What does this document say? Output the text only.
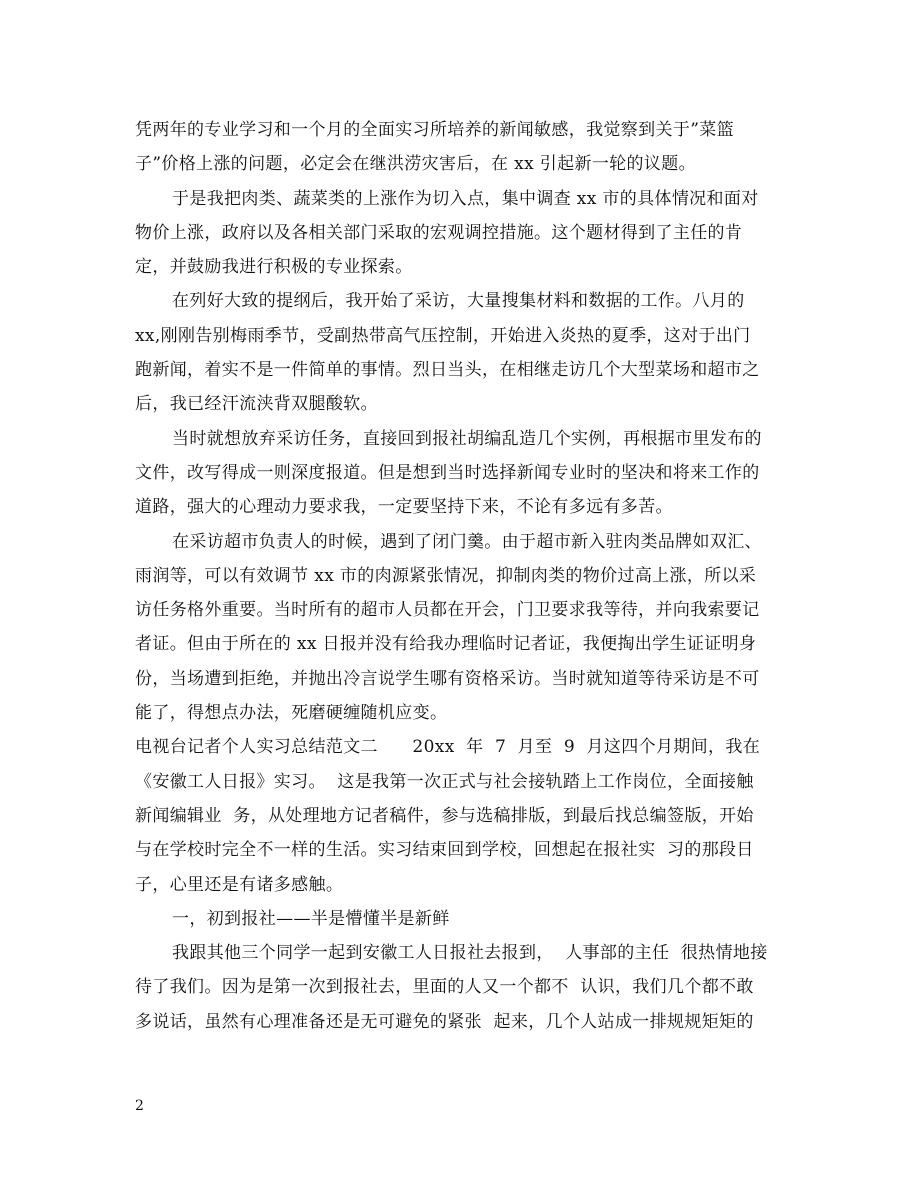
凭两年的专业学习和一个月的全面实习所培养的新闻敏感，我觉察到关于”菜篮
子”价格上涨的问题，必定会在继洪涝灾害后，在 xx 引起新一轮的议题。
于是我把肉类、蔬菜类的上涨作为切入点，集中调查 xx 市的具体情况和面对
物价上涨，政府以及各相关部门采取的宏观调控措施。这个题材得到了主任的肯
定，并鼓励我进行积极的专业探索。
在列好大致的提纲后，我开始了采访，大量搜集材料和数据的工作。八月的
xx,刚刚告别梅雨季节，受副热带高气压控制，开始进入炎热的夏季，这对于出门
跑新闻，着实不是一件简单的事情。烈日当头，在相继走访几个大型菜场和超市之
后，我已经汗流浃背双腿酸软。
当时就想放弃采访任务，直接回到报社胡编乱造几个实例，再根据市里发布的
文件，改写得成一则深度报道。但是想到当时选择新闻专业时的坚决和将来工作的
道路，强大的心理动力要求我，一定要坚持下来，不论有多远有多苦。
在采访超市负责人的时候，遇到了闭门羹。由于超市新入驻肉类品牌如双汇、
雨润等，可以有效调节 xx 市的肉源紧张情况，抑制肉类的物价过高上涨，所以采
访任务格外重要。当时所有的超市人员都在开会，门卫要求我等待，并向我索要记
者证。但由于所在的 xx 日报并没有给我办理临时记者证，我便掏出学生证证明身
份，当场遭到拒绝，并抛出冷言说学生哪有资格采访。当时就知道等待采访是不可
能了，得想点办法，死磨硬缠随机应变。
电视台记者个人实习总结范文二      20xx  年  7  月至  9  月这四个月期间，我在
《安徽工人日报》实习。  这是我第一次正式与社会接轨踏上工作岗位，全面接触
新闻编辑业  务，从处理地方记者稿件，参与选稿排版，到最后找总编签版，开始
与在学校时完全不一样的生活。实习结束回到学校，回想起在报社实  习的那段日
子，心里还是有诸多感触。
一，初到报社——半是懵懂半是新鲜
我跟其他三个同学一起到安徽工人日报社去报到，  人事部的主任  很热情地接
待了我们。因为是第一次到报社去，里面的人又一个都不  认识，我们几个都不敢
多说话，虽然有心理准备还是无可避免的紧张  起来，几个人站成一排规规矩矩的
2
